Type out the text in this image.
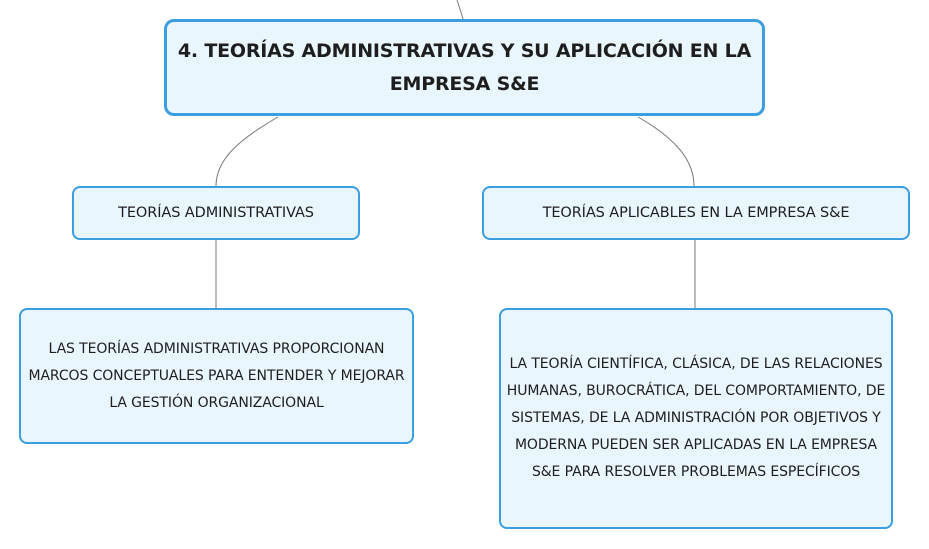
4. TEORÍAS ADMINISTRATIVAS Y SU APLICACIÓN EN LA EMPRESA S&E
TEORÍAS ADMINISTRATIVAS	TEORÍAS APLICABLES EN LA EMPRESA S&E
LAS TEORÍAS ADMINISTRATIVAS PROPORCIONAN MARCOS CONCEPTUALES PARA ENTENDER Y MEJORAR LA GESTIÓN ORGANIZACIONAL
LA TEORÍA CIENTÍFICA, CLÁSICA, DE LAS RELACIONES HUMANAS, BUROCRÁTICA, DEL COMPORTAMIENTO, DE SISTEMAS, DE LA ADMINISTRACIÓN POR OBJETIVOS Y MODERNA PUEDEN SER APLICADAS EN LA EMPRESA S&E PARA RESOLVER PROBLEMAS ESPECÍFICOS
